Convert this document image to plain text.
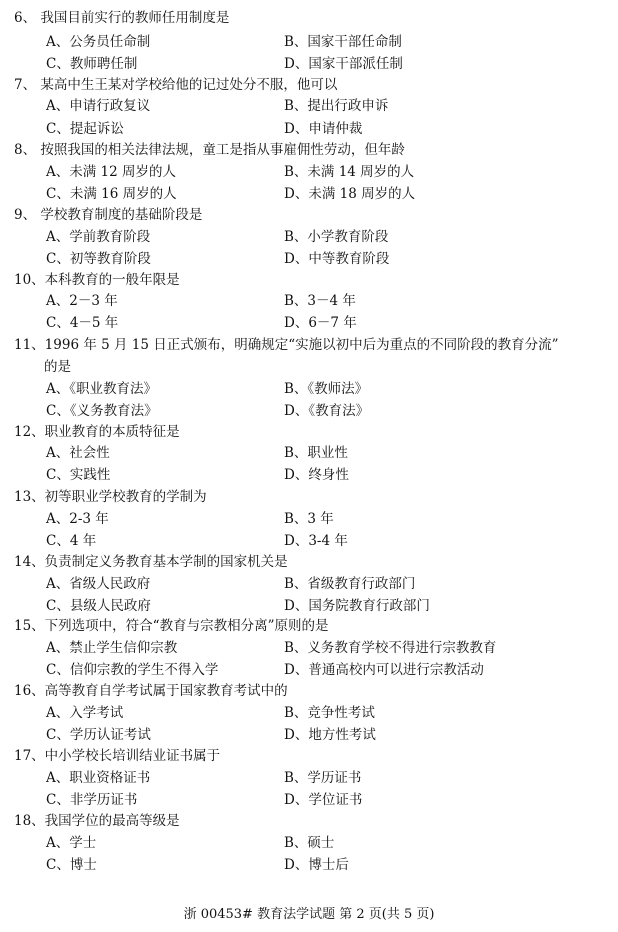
6、 我国目前实行的教师任用制度是
A、公务员任命制	B、国家干部任命制
C、教师聘任制	D、国家干部派任制
7、 某高中生王某对学校给他的记过处分不服，他可以
A、申请行政复议	B、提出行政申诉
C、提起诉讼	D、申请仲裁
8、 按照我国的相关法律法规，童工是指从事雇佣性劳动，但年龄
A、未满 12 周岁的人	B、未满 14 周岁的人
C、未满 16 周岁的人	D、未满 18 周岁的人
9、 学校教育制度的基础阶段是
A、学前教育阶段	B、小学教育阶段
C、初等教育阶段	D、中等教育阶段
10、本科教育的一般年限是
A、2－3 年	B、3－4 年
C、4－5 年	D、6－7 年
11、1996 年 5 月 15 日正式颁布，明确规定“实施以初中后为重点的不同阶段的教育分流”
的是
A、《职业教育法》	B、《教师法》
C、《义务教育法》	D、《教育法》
12、职业教育的本质特征是
A、社会性	B、职业性
C、实践性	D、终身性
13、初等职业学校教育的学制为
A、2-3 年	B、3 年
C、4 年	D、3-4 年
14、负责制定义务教育基本学制的国家机关是
A、省级人民政府	B、省级教育行政部门
C、县级人民政府	D、国务院教育行政部门
15、下列选项中，符合“教育与宗教相分离”原则的是
A、禁止学生信仰宗教	B、义务教育学校不得进行宗教教育
C、信仰宗教的学生不得入学	D、普通高校内可以进行宗教活动
16、高等教育自学考试属于国家教育考试中的
A、入学考试	B、竞争性考试
C、学历认证考试	D、地方性考试
17、中小学校长培训结业证书属于
A、职业资格证书	B、学历证书
C、非学历证书	D、学位证书
18、我国学位的最高等级是
A、学士	B、硕士
C、博士	D、博士后
浙 00453# 教育法学试题 第 2 页(共 5 页)
